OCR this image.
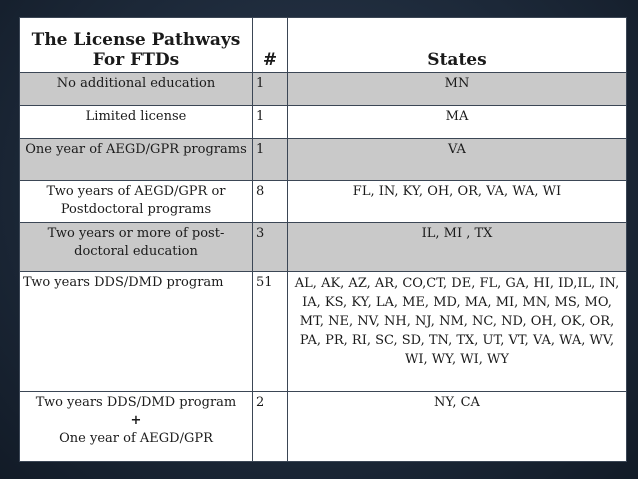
The License Pathways
For FTDs	#	States
No additional education	1	MN
Limited license	1	MA
One year of AEGD/GPR programs	1	VA
Two years of AEGD/GPR or Postdoctoral programs	8	FL, IN, KY, OH, OR, VA, WA, WI
Two years or more of post-doctoral education	3	IL, MI , TX
Two years DDS/DMD program	51	AL, AK, AZ, AR, CO,CT, DE, FL, GA, HI, ID,IL, IN, IA, KS, KY, LA, ME, MD, MA, MI, MN, MS, MO, MT, NE, NV, NH, NJ, NM, NC, ND, OH, OK, OR, PA, PR, RI, SC, SD, TN, TX, UT, VT, VA, WA, WV, WI, WY, WI, WY
Two years DDS/DMD program
+
One year of AEGD/GPR	2	NY, CA
